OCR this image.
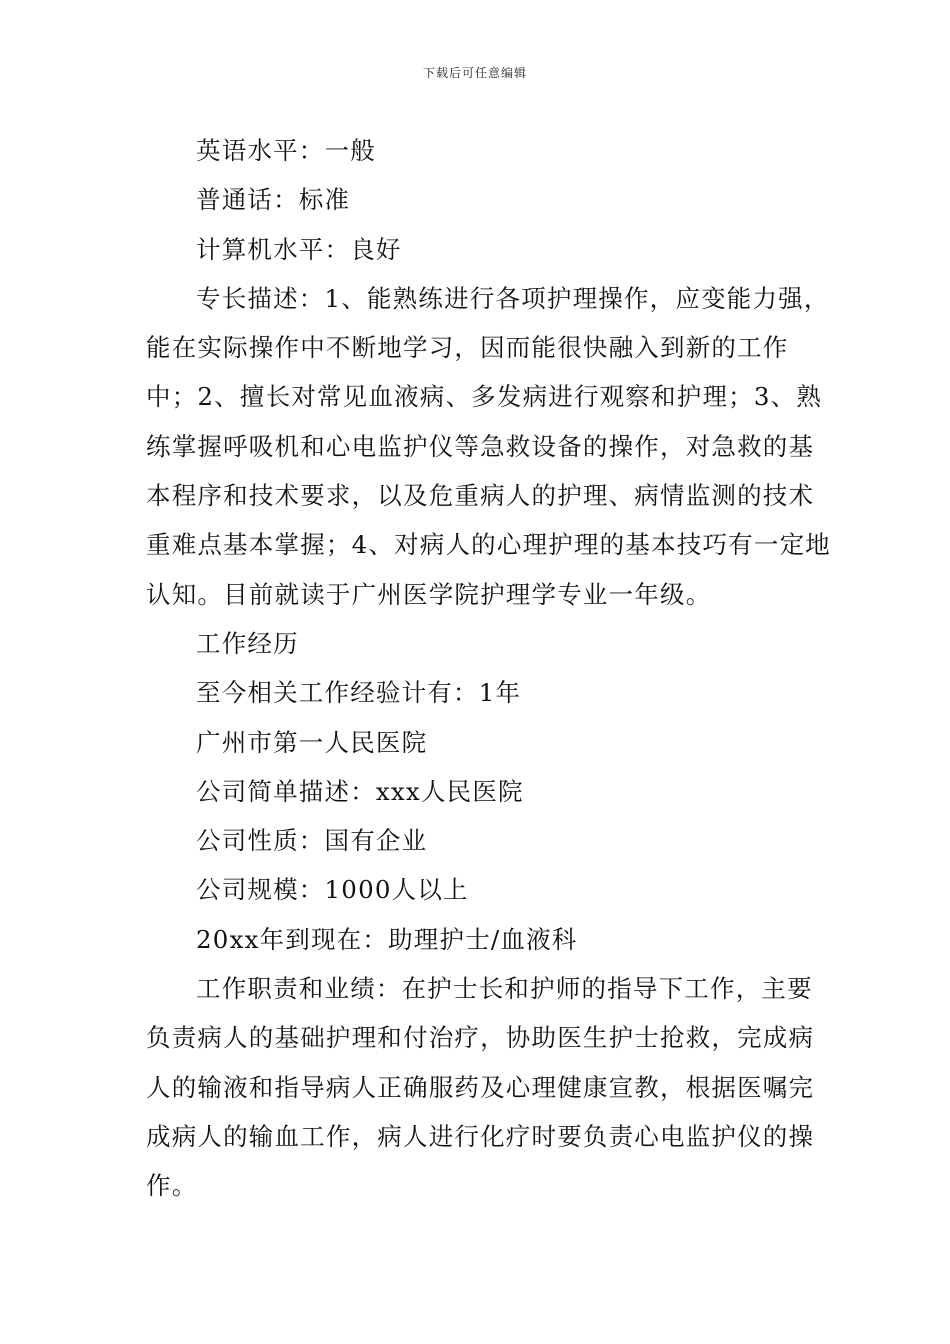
下载后可任意编辑

英语水平：一般

普通话：标准

计算机水平：良好

专长描述：1、能熟练进行各项护理操作，应变能力强，能在实际操作中不断地学习，因而能很快融入到新的工作中；2、擅长对常见血液病、多发病进行观察和护理；3、熟练掌握呼吸机和心电监护仪等急救设备的操作，对急救的基本程序和技术要求，以及危重病人的护理、病情监测的技术重难点基本掌握；4、对病人的心理护理的基本技巧有一定地认知。目前就读于广州医学院护理学专业一年级。

工作经历

至今相关工作经验计有：1年

广州市第一人民医院

公司简单描述：xxx人民医院

公司性质：国有企业

公司规模：1000人以上

20xx年到现在：助理护士/血液科

工作职责和业绩：在护士长和护师的指导下工作，主要负责病人的基础护理和付治疗，协助医生护士抢救，完成病人的输液和指导病人正确服药及心理健康宣教，根据医嘱完成病人的输血工作，病人进行化疗时要负责心电监护仪的操作。
